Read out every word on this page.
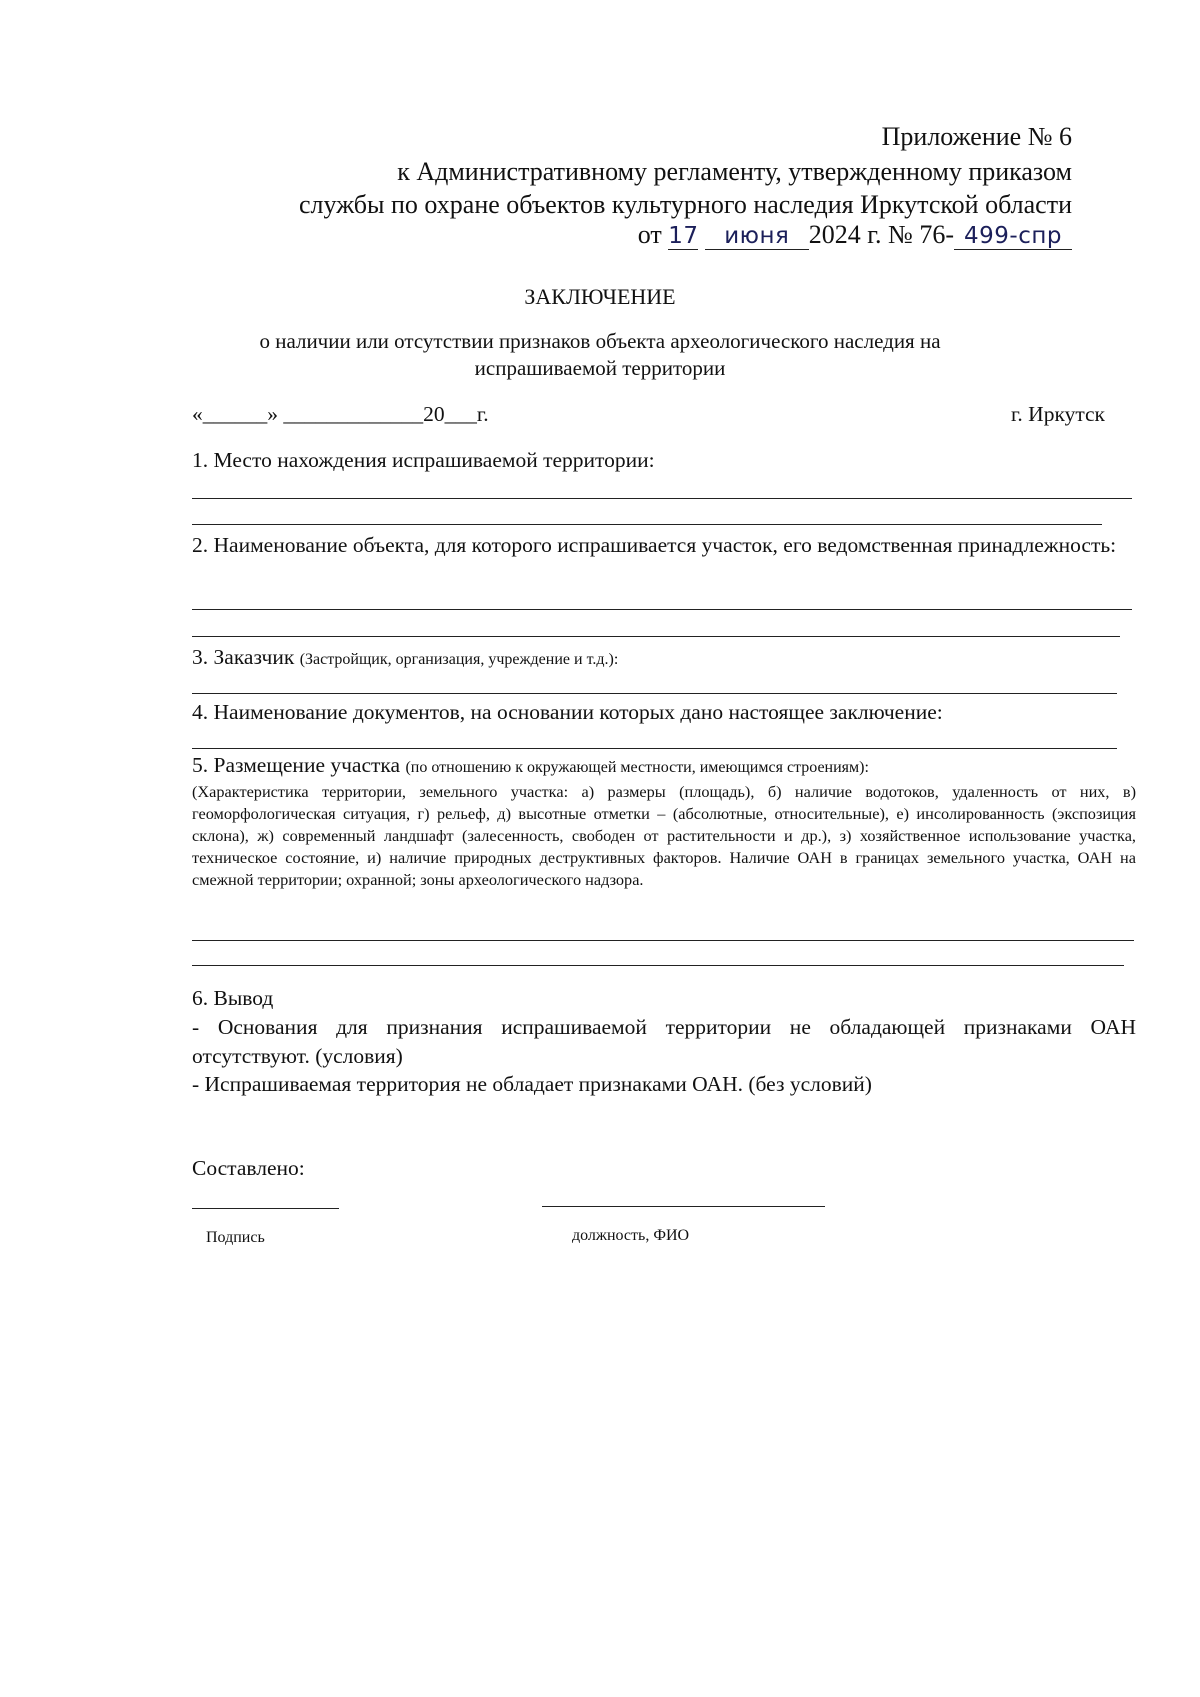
Приложение № 6
к Административному регламенту, утвержденному приказом
службы по охране объектов культурного наследия Иркутской области
от 17 июня 2024 г. № 76- 499-спр
ЗАКЛЮЧЕНИЕ
о наличии или отсутствии признаков объекта археологического наследия на
испрашиваемой территории
«______» _____________20___г.	г. Иркутск
1. Место нахождения испрашиваемой территории:
2. Наименование объекта, для которого испрашивается участок, его ведомственная принадлежность:
3. Заказчик (Застройщик, организация, учреждение и т.д.):
4. Наименование документов, на основании которых дано настоящее заключение:
5. Размещение участка (по отношению к окружающей местности, имеющимся строениям):
(Характеристика территории, земельного участка: а) размеры (площадь), б) наличие водотоков, удаленность от них, в) геоморфологическая ситуация, г) рельеф, д) высотные отметки – (абсолютные, относительные), е) инсолированность (экспозиция склона), ж) современный ландшафт (залесенность, свободен от растительности и др.), з) хозяйственное использование участка, техническое состояние, и) наличие природных деструктивных факторов. Наличие ОАН в границах земельного участка, ОАН на смежной территории; охранной; зоны археологического надзора.
6. Вывод
- Основания для признания испрашиваемой территории не обладающей признаками ОАН отсутствуют. (условия)
- Испрашиваемая территория не обладает признаками ОАН. (без условий)
Составлено:
Подпись	должность, ФИО
